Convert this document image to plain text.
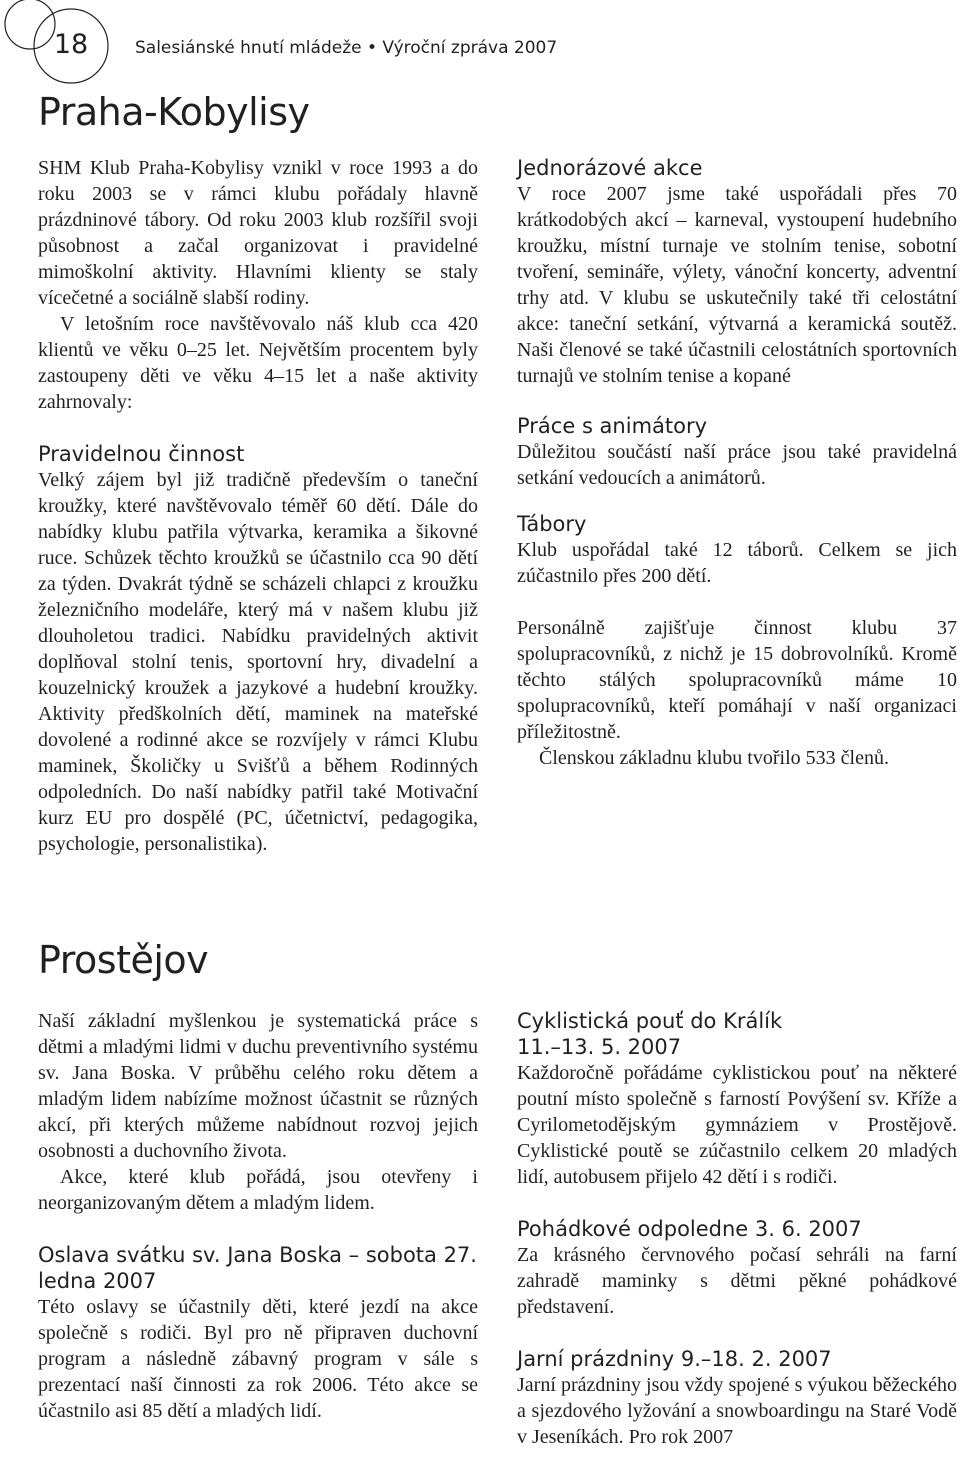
18	Salesiánské hnutí mládeže • Výroční zpráva 2007
Praha-Kobylisy

SHM Klub Praha-Kobylisy vznikl v roce 1993 a do roku 2003 se v rámci klubu pořádaly hlavně prázdninové tábory. Od roku 2003 klub rozšířil svoji působnost a začal organizovat i pravidelné mimoškolní aktivity. Hlavními klienty se staly vícečetné a sociálně slabší rodiny.

V letošním roce navštěvovalo náš klub cca 420 klientů ve věku 0–25 let. Největším procentem byly zastoupeny děti ve věku 4–15 let a naše aktivity zahrnovaly:

Pravidelnou činnost

Velký zájem byl již tradičně především o taneční kroužky, které navštěvovalo téměř 60 dětí. Dále do nabídky klubu patřila výtvarka, keramika a šikovné ruce. Schůzek těchto kroužků se účastnilo cca 90 dětí za týden. Dvakrát týdně se scházeli chlapci z kroužku železničního modeláře, který má v našem klubu již dlouholetou tradici. Nabídku pravidelných aktivit doplňoval stolní tenis, sportovní hry, divadelní a kouzelnický kroužek a jazykové a hudební kroužky. Aktivity předškolních dětí, maminek na mateřské dovolené a rodinné akce se rozvíjely v rámci Klubu maminek, Školičky u Svišťů a během Rodinných odpoledních. Do naší nabídky patřil také Motivační kurz EU pro dospělé (PC, účetnictví, pedagogika, psychologie, personalistika).

Jednorázové akce

V roce 2007 jsme také uspořádali přes 70 krátkodobých akcí – karneval, vystoupení hudebního kroužku, místní turnaje ve stolním tenise, sobotní tvoření, semináře, výlety, vánoční koncerty, adventní trhy atd. V klubu se uskutečnily také tři celostátní akce: taneční setkání, výtvarná a keramická soutěž. Naši členové se také účastnili celostátních sportovních turnajů ve stolním tenise a kopané

Práce s animátory

Důležitou součástí naší práce jsou také pravidelná setkání vedoucích a animátorů.

Tábory

Klub uspořádal také 12 táborů. Celkem se jich zúčastnilo přes 200 dětí.

Personálně zajišťuje činnost klubu 37 spolupracovníků, z nichž je 15 dobrovolníků. Kromě těchto stálých spolupracovníků máme 10 spolupracovníků, kteří pomáhají v naší organizaci příležitostně.

Členskou základnu klubu tvořilo 533 členů.

Prostějov

Naší základní myšlenkou je systematická práce s dětmi a mladými lidmi v duchu preventivního systému sv. Jana Boska. V průběhu celého roku dětem a mladým lidem nabízíme možnost účastnit se různých akcí, při kterých můžeme nabídnout rozvoj jejich osobnosti a duchovního života.

Akce, které klub pořádá, jsou otevřeny i neorganizovaným dětem a mladým lidem.

Oslava svátku sv. Jana Boska – sobota 27. ledna 2007

Této oslavy se účastnily děti, které jezdí na akce společně s rodiči. Byl pro ně připraven duchovní program a následně zábavný program v sále s prezentací naší činnosti za rok 2006. Této akce se účastnilo asi 85 dětí a mladých lidí.

Cyklistická pouť do Králík 11.–13. 5. 2007

Každoročně pořádáme cyklistickou pouť na některé poutní místo společně s farností Povýšení sv. Kříže a Cyrilometodějským gymnáziem v Prostějově. Cyklistické poutě se zúčastnilo celkem 20 mladých lidí, autobusem přijelo 42 dětí i s rodiči.

Pohádkové odpoledne 3. 6. 2007

Za krásného červnového počasí sehráli na farní zahradě maminky s dětmi pěkné pohádkové představení.

Jarní prázdniny 9.–18. 2. 2007

Jarní prázdniny jsou vždy spojené s výukou běžeckého a sjezdového lyžování a snowboardingu na Staré Vodě v Jeseníkách. Pro rok 2007
